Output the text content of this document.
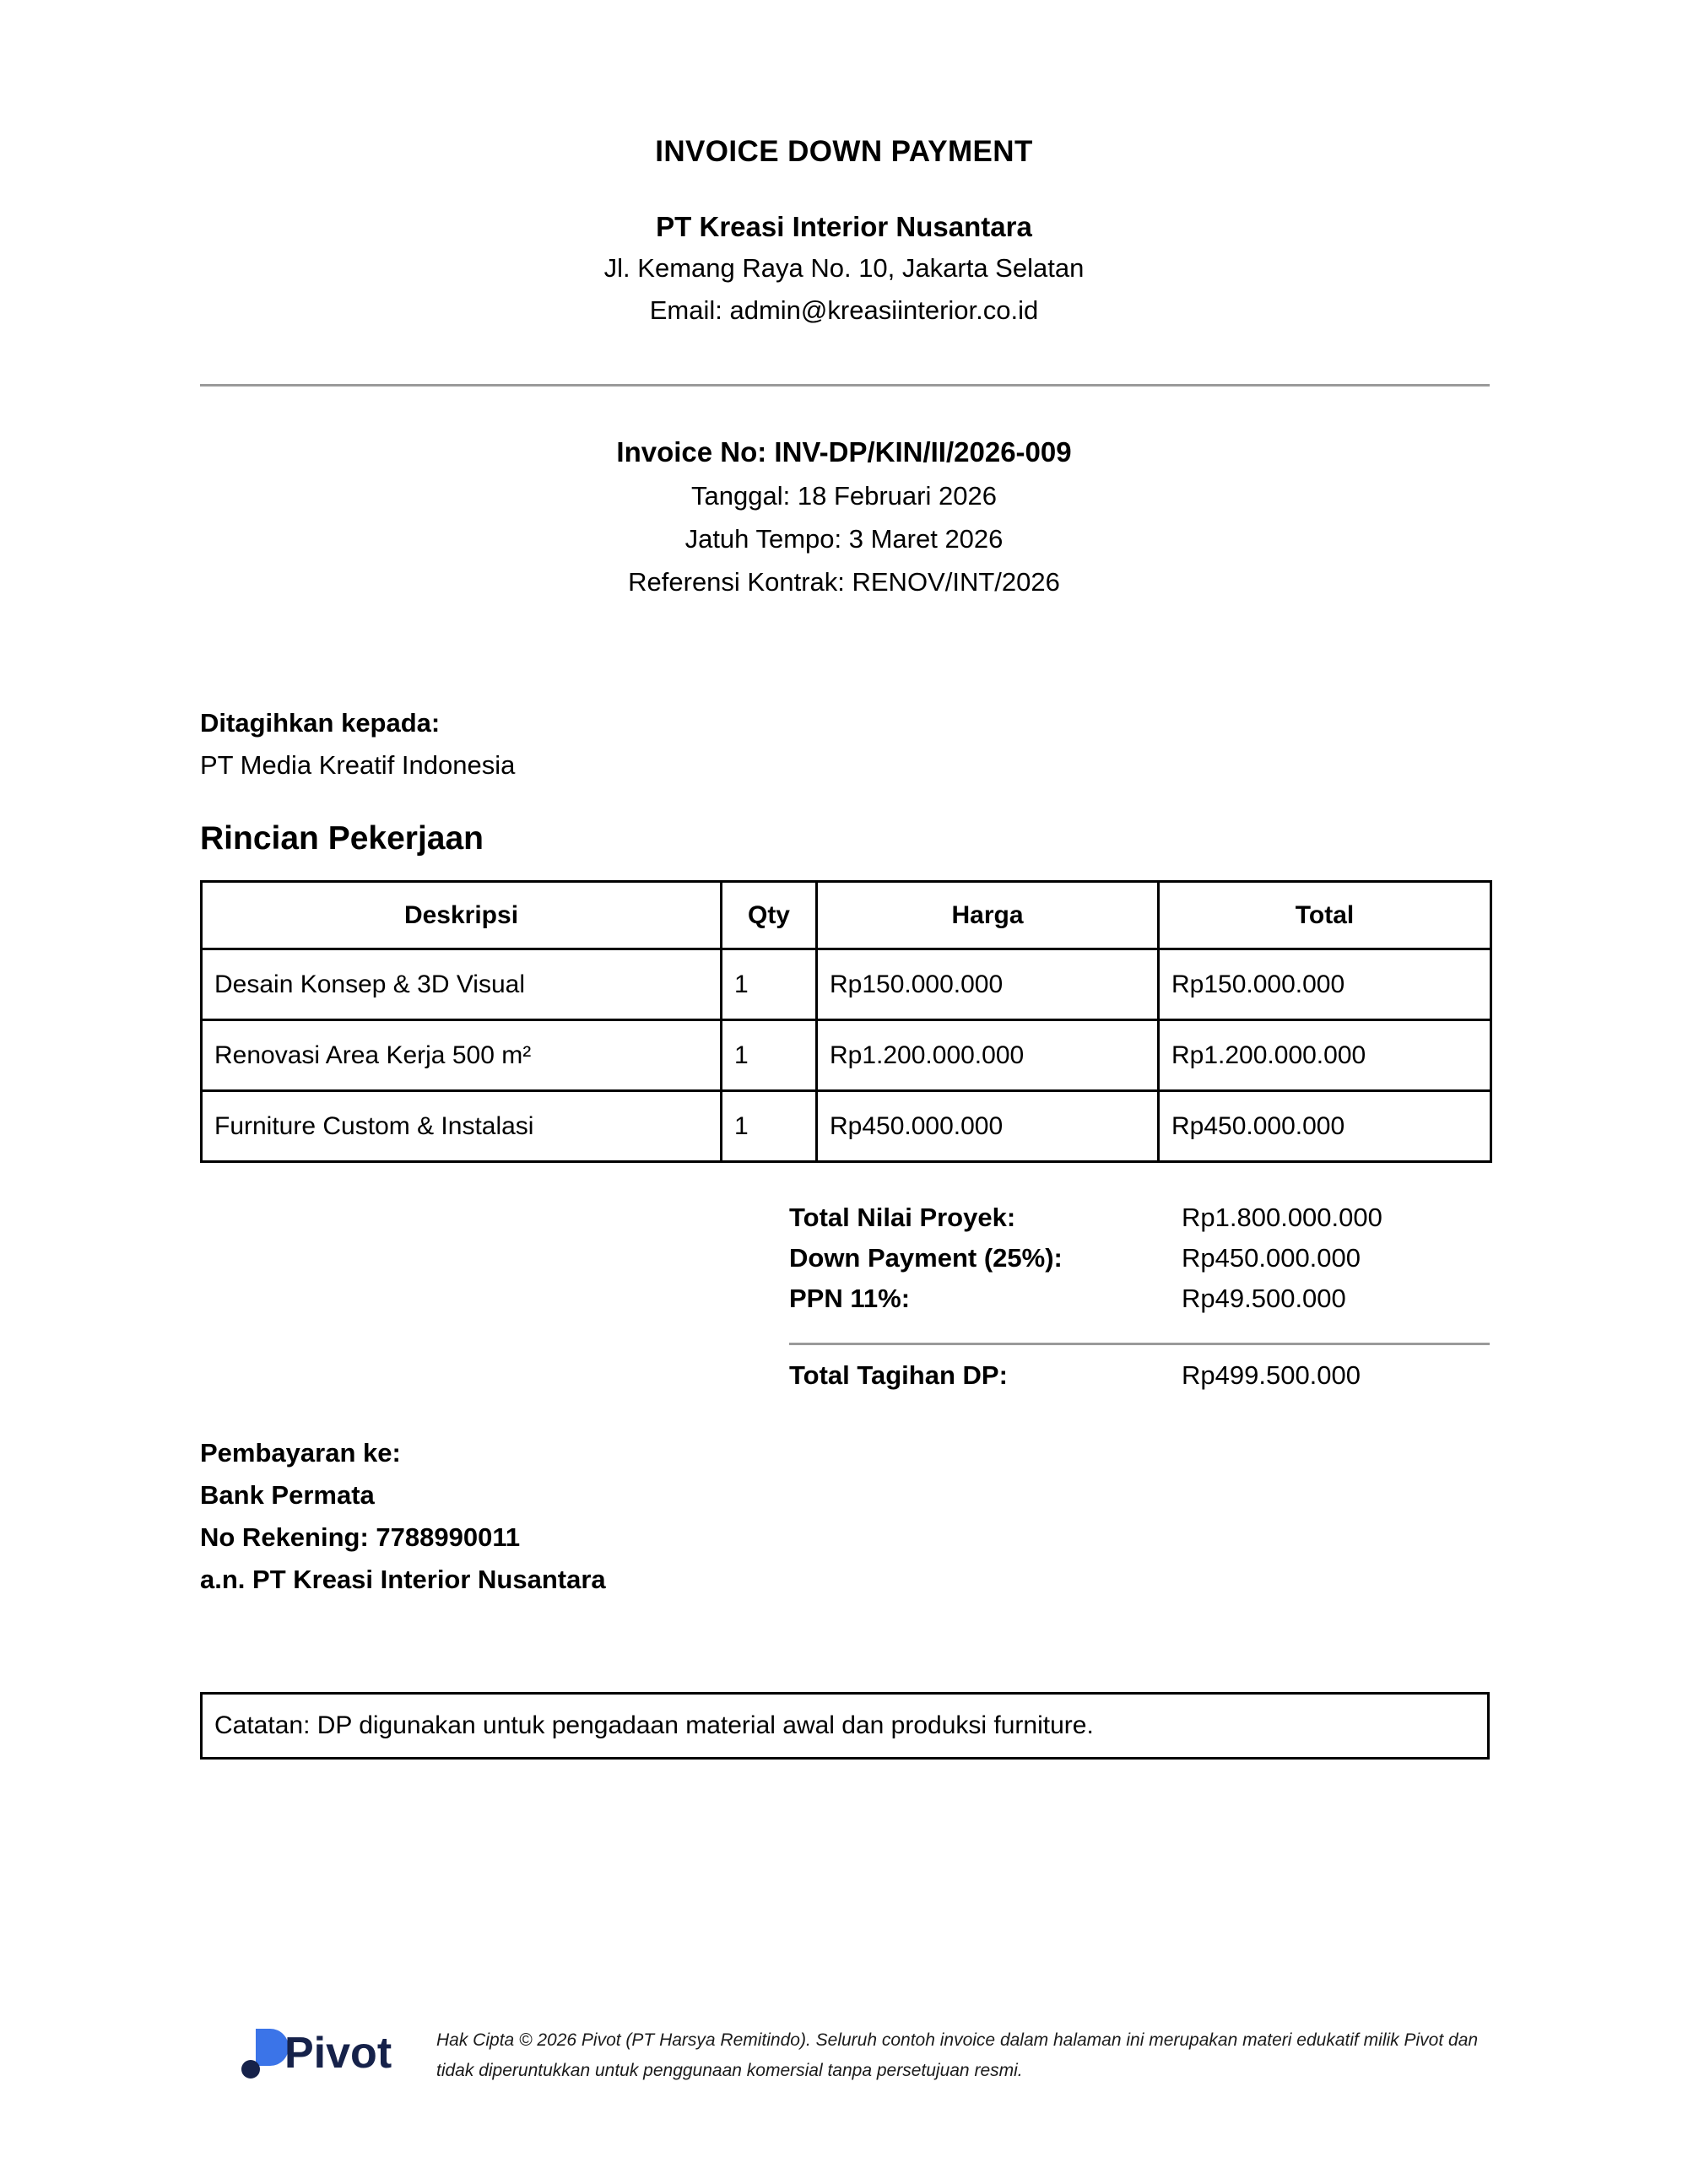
INVOICE DOWN PAYMENT
PT Kreasi Interior Nusantara
Jl. Kemang Raya No. 10, Jakarta Selatan
Email: admin@kreasiinterior.co.id
Invoice No: INV-DP/KIN/II/2026-009
Tanggal: 18 Februari 2026
Jatuh Tempo: 3 Maret 2026
Referensi Kontrak: RENOV/INT/2026
Ditagihkan kepada:
PT Media Kreatif Indonesia
Rincian Pekerjaan
Deskripsi	Qty	Harga	Total
Desain Konsep & 3D Visual	1	Rp150.000.000	Rp150.000.000
Renovasi Area Kerja 500 m²	1	Rp1.200.000.000	Rp1.200.000.000
Furniture Custom & Instalasi	1	Rp450.000.000	Rp450.000.000
Total Nilai Proyek:	Rp1.800.000.000
Down Payment (25%):	Rp450.000.000
PPN 11%:	Rp49.500.000
Total Tagihan DP:	Rp499.500.000
Pembayaran ke:
Bank Permata
No Rekening: 7788990011
a.n. PT Kreasi Interior Nusantara
Catatan: DP digunakan untuk pengadaan material awal dan produksi furniture.
Pivot	Hak Cipta © 2026 Pivot (PT Harsya Remitindo). Seluruh contoh invoice dalam halaman ini merupakan materi edukatif milik Pivot dan tidak diperuntukkan untuk penggunaan komersial tanpa persetujuan resmi.
